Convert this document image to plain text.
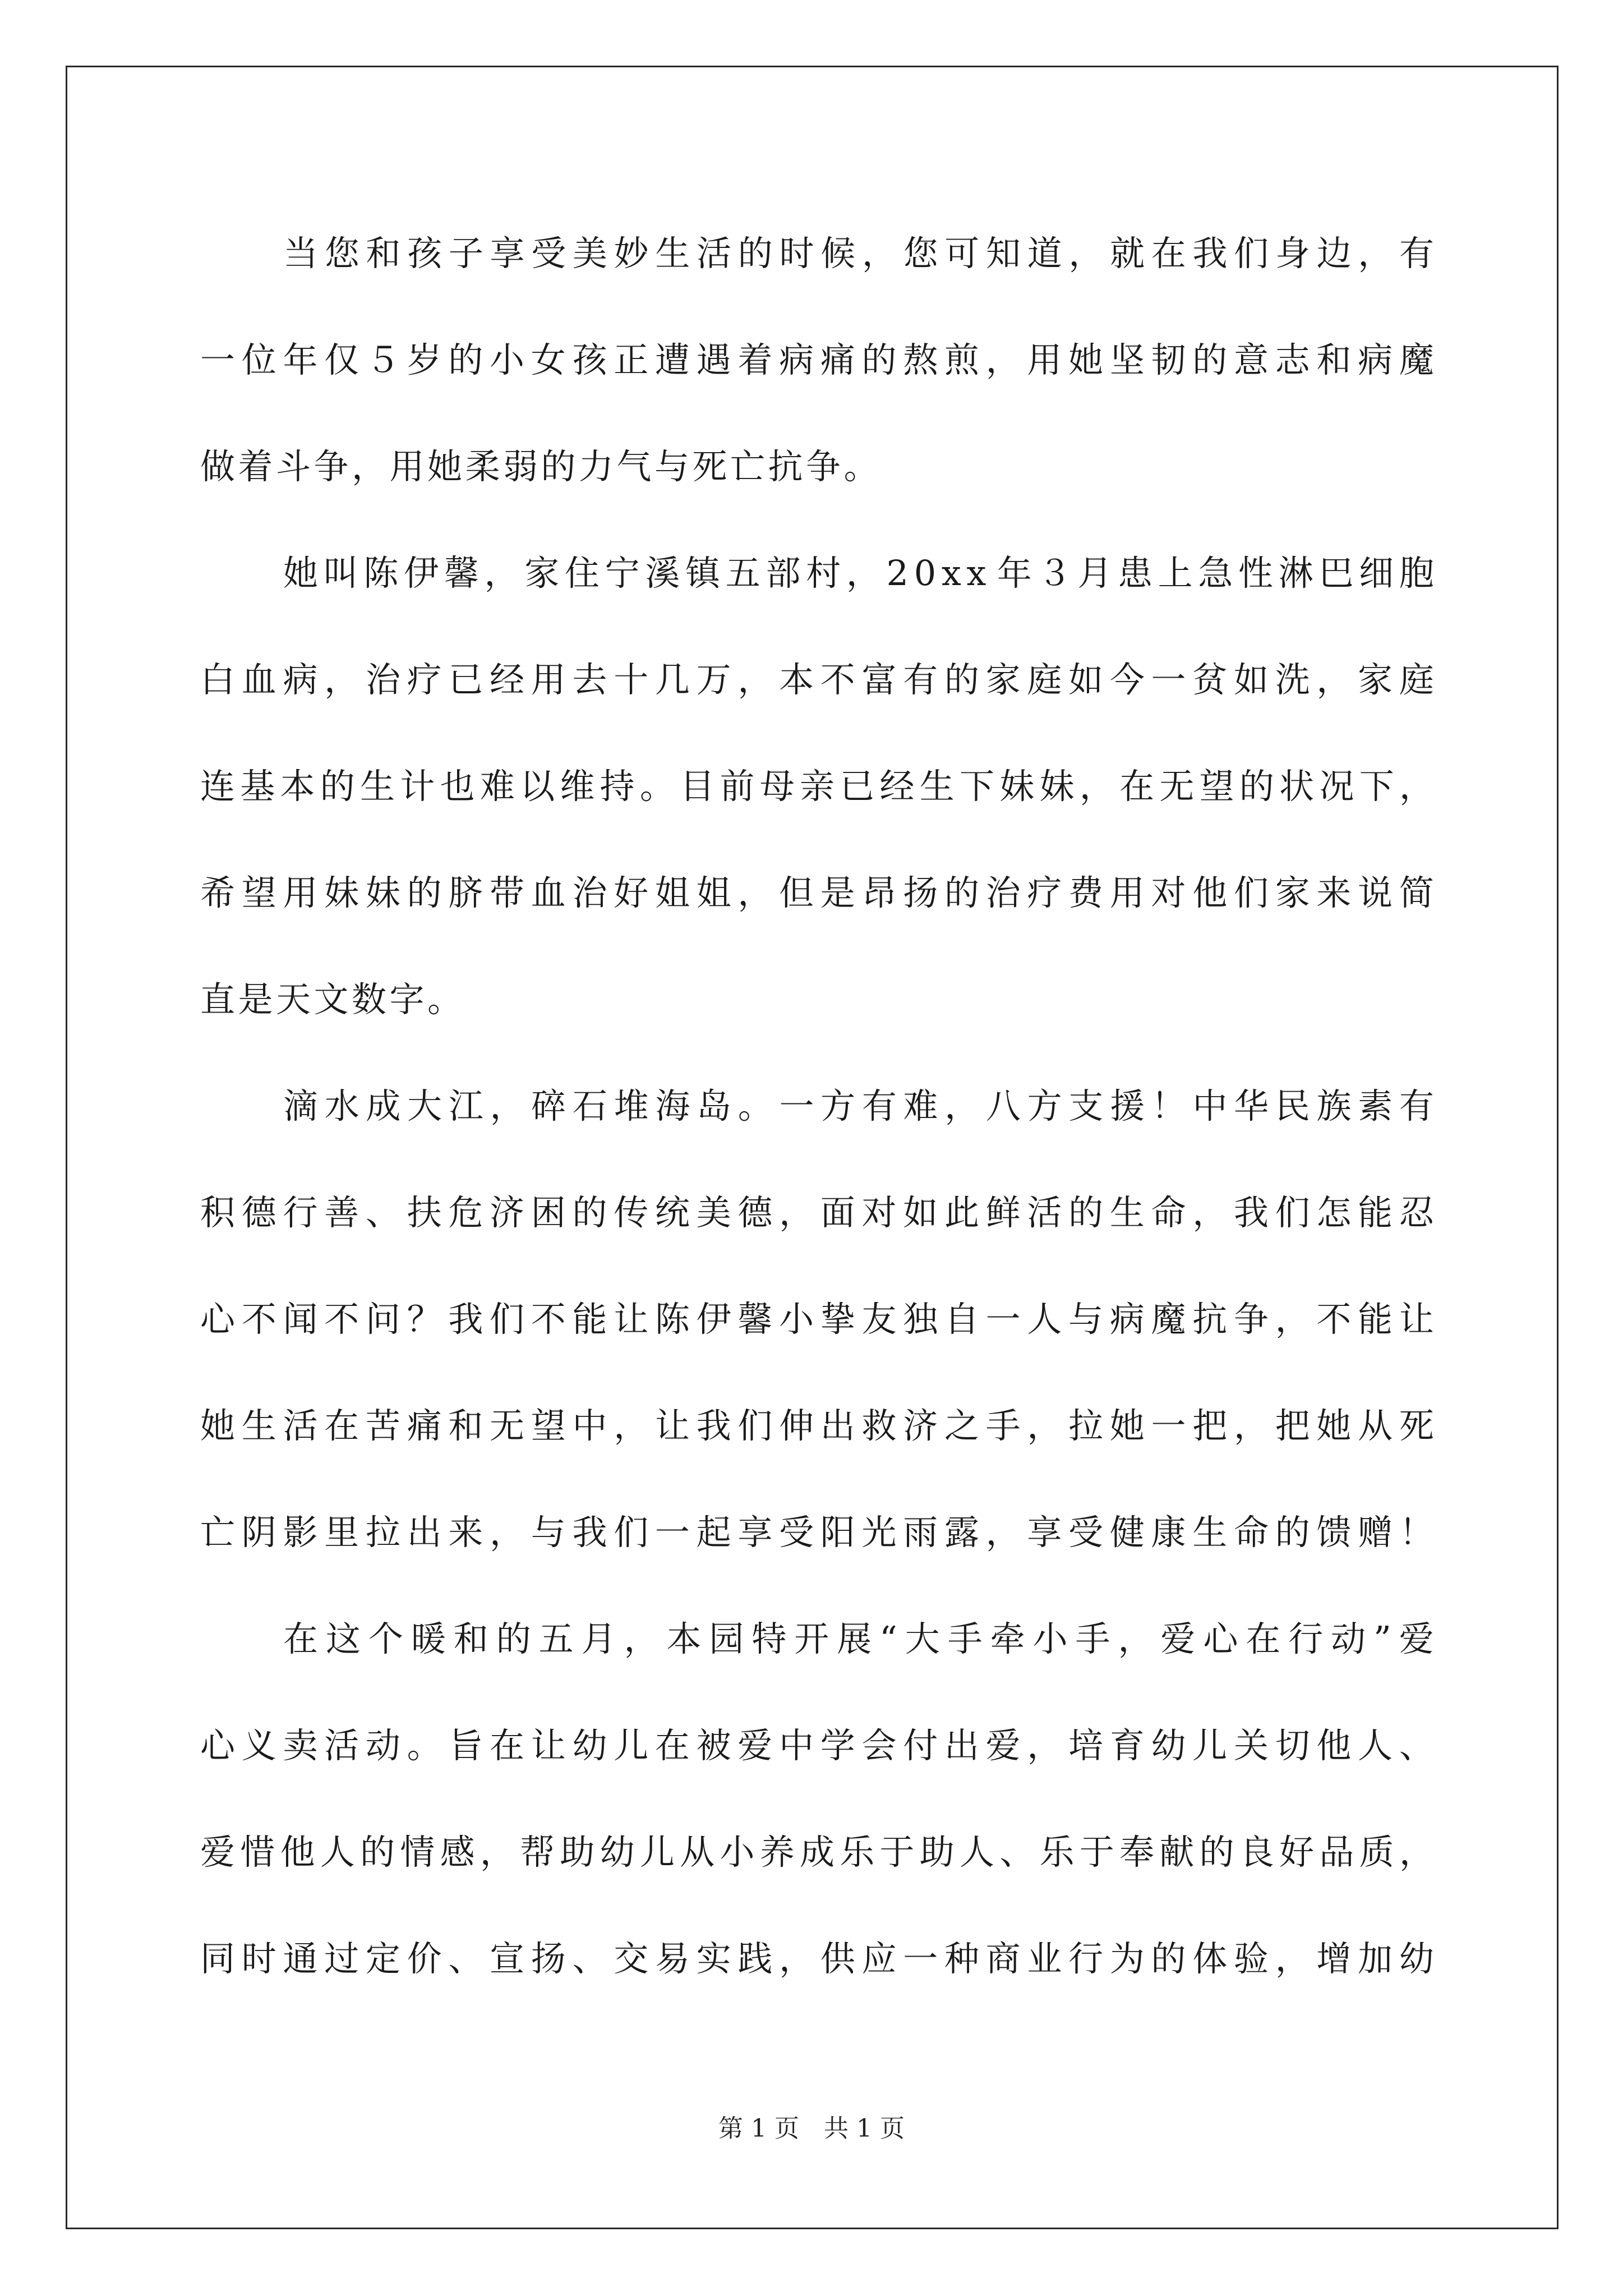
当 您 和 孩 子 享 受 美 妙 生 活 的 时 候 ， 您 可 知 道 ， 就 在 我 们 身 边 ， 有
一 位 年 仅 ５ 岁 的 小 女 孩 正 遭 遇 着 病 痛 的 熬 煎 ， 用 她 坚 韧 的 意 志 和 病 魔
做着斗争，用她柔弱的力气与死亡抗争。
她 叫 陈 伊 馨 ， 家 住 宁 溪 镇 五 部 村 ， 2 0 x x 年 ３ 月 患 上 急 性 淋 巴 细 胞
白 血 病 ， 治 疗 已 经 用 去 十 几 万 ， 本 不 富 有 的 家 庭 如 今 一 贫 如 洗 ， 家 庭
连 基 本 的 生 计 也 难 以 维 持 。 目 前 母 亲 已 经 生 下 妹 妹 ， 在 无 望 的 状 况 下 ，
希 望 用 妹 妹 的 脐 带 血 治 好 姐 姐 ， 但 是 昂 扬 的 治 疗 费 用 对 他 们 家 来 说 简
直是天文数字。
滴 水 成 大 江 ， 碎 石 堆 海 岛 。 一 方 有 难 ， 八 方 支 援 ！ 中 华 民 族 素 有
积 德 行 善 、 扶 危 济 困 的 传 统 美 德 ， 面 对 如 此 鲜 活 的 生 命 ， 我 们 怎 能 忍
心 不 闻 不 问 ？ 我 们 不 能 让 陈 伊 馨 小 挚 友 独 自 一 人 与 病 魔 抗 争 ， 不 能 让
她 生 活 在 苦 痛 和 无 望 中 ， 让 我 们 伸 出 救 济 之 手 ， 拉 她 一 把 ， 把 她 从 死
亡 阴 影 里 拉 出 来 ， 与 我 们 一 起 享 受 阳 光 雨 露 ， 享 受 健 康 生 命 的 馈 赠 ！
在 这 个 暖 和 的 五 月 ， 本 园 特 开 展 “ 大 手 牵 小 手 ， 爱 心 在 行 动 ” 爱
心 义 卖 活 动 。 旨 在 让 幼 儿 在 被 爱 中 学 会 付 出 爱 ， 培 育 幼 儿 关 切 他 人 、
爱 惜 他 人 的 情 感 ， 帮 助 幼 儿 从 小 养 成 乐 于 助 人 、 乐 于 奉 献 的 良 好 品 质 ，
同 时 通 过 定 价 、 宣 扬 、 交 易 实 践 ， 供 应 一 种 商 业 行 为 的 体 验 ， 增 加 幼
第 1 页　共 1 页
